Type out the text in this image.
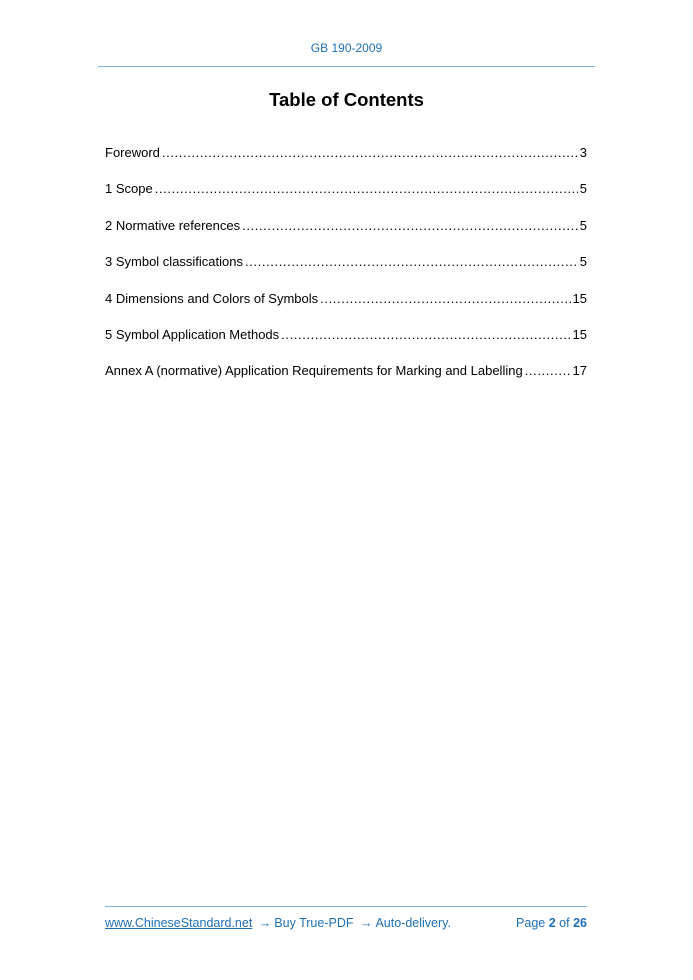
GB 190-2009
Table of Contents
Foreword .....	3
1 Scope .....	5
2 Normative references .....	5
3 Symbol classifications .....	5
4 Dimensions and Colors of Symbols .....	15
5 Symbol Application Methods .....	15
Annex A (normative) Application Requirements for Marking and Labelling .....	17
www.ChineseStandard.net → Buy True-PDF → Auto-delivery.	Page 2 of 26
